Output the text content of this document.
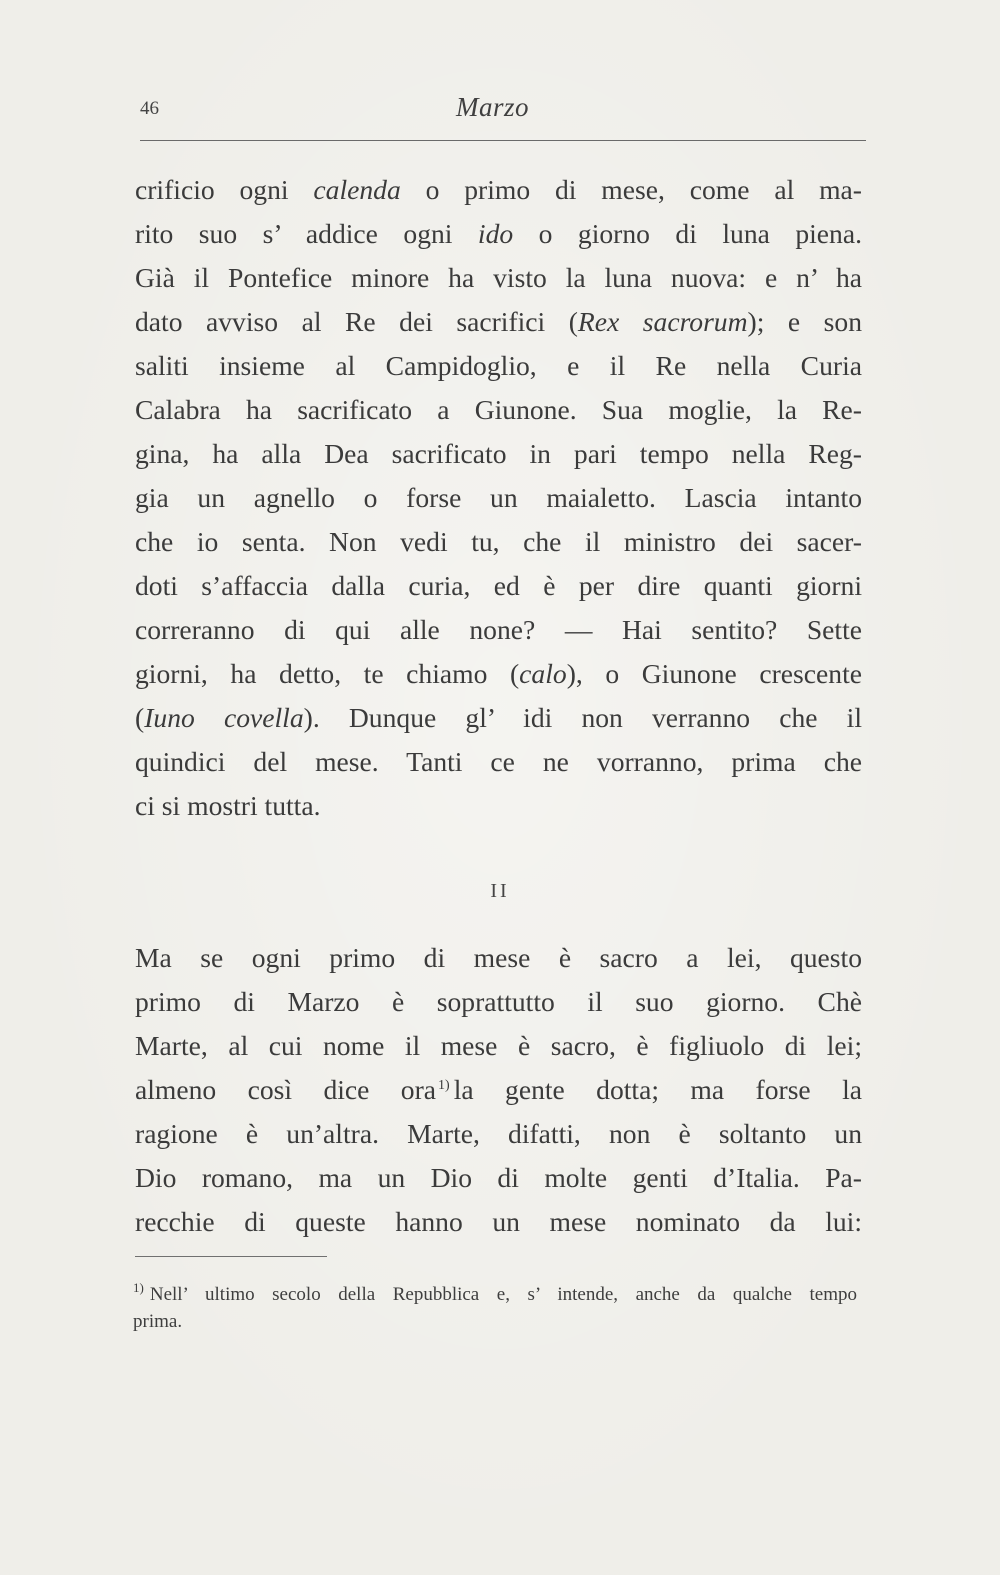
46	Marzo
crificio ogni calenda o primo di mese, come al ma-
rito suo s’ addice ogni ido o giorno di luna piena.
Già il Pontefice minore ha visto la luna nuova: e n’ ha
dato avviso al Re dei sacrifici (Rex sacrorum); e son
saliti insieme al Campidoglio, e il Re nella Curia
Calabra ha sacrificato a Giunone. Sua moglie, la Re-
gina, ha alla Dea sacrificato in pari tempo nella Reg-
gia un agnello o forse un maialetto. Lascia intanto
che io senta. Non vedi tu, che il ministro dei sacer-
doti s’affaccia dalla curia, ed è per dire quanti giorni
correranno di qui alle none? — Hai sentito? Sette
giorni, ha detto, te chiamo (calo), o Giunone crescente
(Iuno covella). Dunque gl’ idi non verranno che il
quindici del mese. Tanti ce ne vorranno, prima che
ci si mostri tutta.
II
Ma se ogni primo di mese è sacro a lei, questo
primo di Marzo è soprattutto il suo giorno. Chè
Marte, al cui nome il mese è sacro, è figliuolo di lei;
almeno così dice ora $^{1)}$ la gente dotta; ma forse la
ragione è un’altra. Marte, difatti, non è soltanto un
Dio romano, ma un Dio di molte genti d’Italia. Pa-
recchie di queste hanno un mese nominato da lui:
$^{1)}$ Nell’ ultimo secolo della Repubblica e, s’ intende, anche da qualche tempo
prima.
